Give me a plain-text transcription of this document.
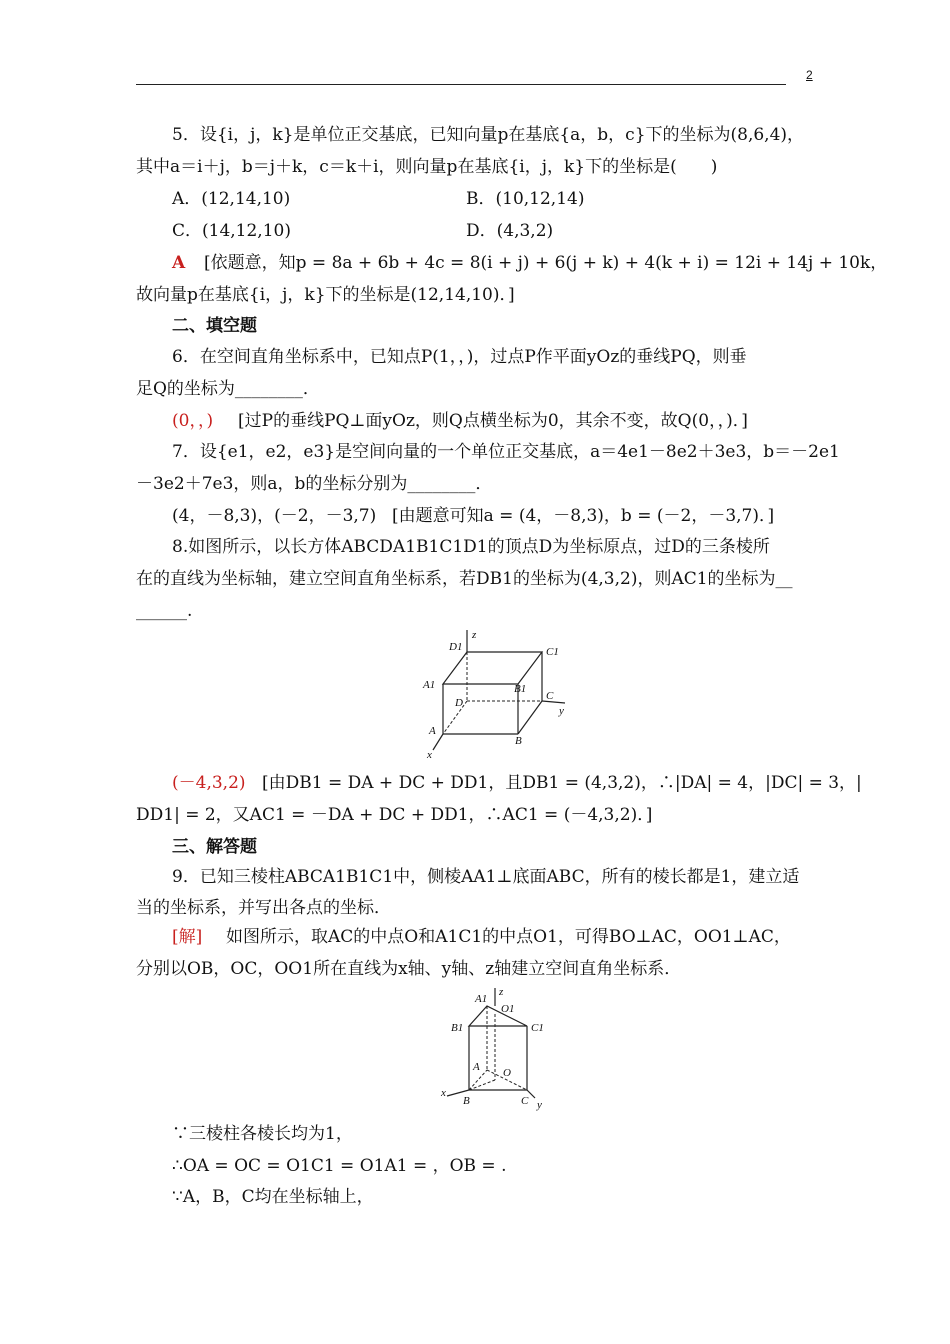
2
5．设{i，j，k}是单位正交基底，已知向量p在基底{a，b，c}下的坐标为(8,6,4)，
其中a＝i＋j，b＝j＋k，c＝k＋i，则向量p在基底{i，j，k}下的坐标是(　　)
A．(12,14,10)	B．(10,12,14)
C．(14,12,10)	D．(4,3,2)
A [依题意，知p = 8a + 6b + 4c = 8(i + j) + 6(j + k) + 4(k + i) = 12i + 14j + 10k，
故向量p在基底{i，j，k}下的坐标是(12,14,10)．]
二、填空题
6．在空间直角坐标系中，已知点P(1，，)，过点P作平面yOz的垂线PQ，则垂
足Q的坐标为________．
(0，，) [过P的垂线PQ⊥面yOz，则Q点横坐标为0，其余不变，故Q(0，，)．]
7．设{e1，e2，e3}是空间向量的一个单位正交基底，a＝4e1－8e2＋3e3，b＝－2e1
－3e2＋7e3，则a，b的坐标分别为________．
(4，－8,3)，(－2，－3,7) [由题意可知a = (4，－8,3)，b = (－2，－3,7)．]
8.如图所示，以长方体ABCDA1B1C1D1的顶点D为坐标原点，过D的三条棱所
在的直线为坐标轴，建立空间直角坐标系，若DB1的坐标为(4,3,2)，则AC1的坐标为__
______.
z
D1	C1
A1	B1
D
C
y
A
B
x
(－4,3,2) [由DB1 = DA + DC + DD1，且DB1 = (4,3,2)，∴|DA| = 4，|DC| = 3，|
DD1| = 2，又AC1 = －DA + DC + DD1，∴AC1 = (－4,3,2)．]
三、解答题
9．已知三棱柱ABCA1B1C1中，侧棱AA1⊥底面ABC，所有的棱长都是1，建立适
当的坐标系，并写出各点的坐标．
[解] 如图所示，取AC的中点O和A1C1的中点O1，可得BO⊥AC，OO1⊥AC，
分别以OB，OC，OO1所在直线为x轴、y轴、z轴建立空间直角坐标系．
z
A1
O1
B1	C1
A O
x
B	C y
∵三棱柱各棱长均为1，
∴OA = OC = O1C1 = O1A1 = ，OB = .
∵A，B，C均在坐标轴上，
